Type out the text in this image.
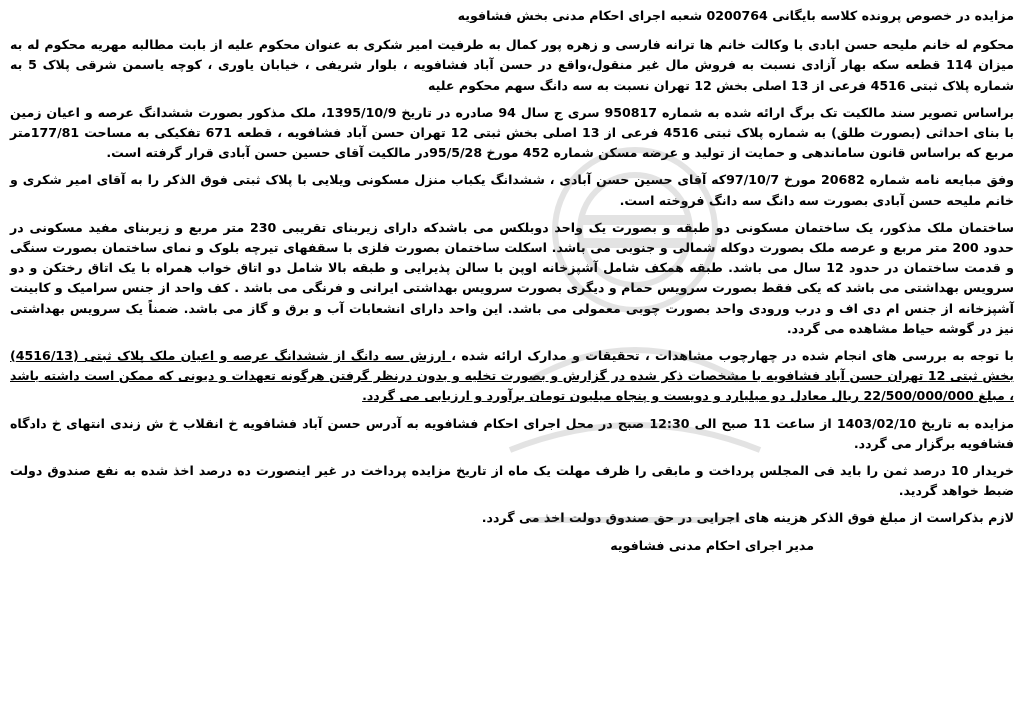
مزایده در خصوص پرونده کلاسه بایگانی 0200764 شعبه اجرای احکام مدنی بخش فشافویه

محکوم له خانم ملیحه حسن ابادی با وکالت خانم ها ترانه فارسی و زهره پور کمال به طرفیت امیر شکری به عنوان محکوم علیه از بابت مطالبه مهریه محکوم له به میزان 114 قطعه سکه بهار آزادی نسبت به فروش مال غیر منقول،واقع در حسن آباد فشافویه ، بلوار شریفی ، خیابان یاوری ، کوچه یاسمن شرقی پلاک 5 به شماره پلاک ثبتی 4516 فرعی از 13 اصلی بخش 12 تهران نسبت به سه دانگ سهم محکوم علیه

براساس تصویر سند مالکیت تک برگ ارائه شده به شماره 950817 سری ج سال 94 صادره در تاریخ 1395/10/9، ملک مذکور بصورت ششدانگ عرصه و اعیان زمین با بنای احداثی (بصورت طلق) به شماره پلاک ثبتی 4516 فرعی از 13 اصلی بخش ثبتی 12 تهران حسن آباد فشافویه ، قطعه 671 تفکیکی به مساحت 177/81متر مربع که براساس قانون ساماندهی و حمایت از تولید و عرضه مسکن شماره 452 مورخ 95/5/28در مالکیت آقای حسین حسن آبادی قرار گرفته است.

وفق مبایعه نامه شماره 20682 مورخ 97/10/7که آقای حسین حسن آبادی ، ششدانگ یکباب منزل مسکونی ویلایی با پلاک ثبتی فوق الذکر را به آقای امیر شکری و خانم ملیحه حسن آبادی بصورت سه دانگ سه دانگ فروخته است.

ساختمان ملک مذکور، یک ساختمان مسکونی دو طبقه و بصورت یک واحد دوبلکس می باشدکه دارای زیربنای تقریبی 230 متر مربع و زیربنای مفید مسکونی در حدود 200 متر مربع و عرصه ملک بصورت دوکله شمالی و جنوبی می باشد. اسکلت ساختمان بصورت فلزی با سقفهای تیرچه بلوک و نمای ساختمان بصورت سنگی و قدمت ساختمان در حدود 12 سال می باشد. طبقه همکف شامل آشپزخانه اوپن با سالن پذیرایی و طبقه بالا شامل دو اتاق خواب همراه با یک اتاق رختکن و دو سرویس بهداشتی می باشد که یکی فقط بصورت سرویس حمام و دیگری بصورت سرویس بهداشتی ایرانی و فرنگی می باشد . کف واحد از جنس سرامیک و کابینت آشپزخانه از جنس ام دی اف و درب ورودی واحد بصورت چوبی معمولی می باشد. این واحد دارای انشعابات آب و برق و گاز می باشد. ضمناً یک سرویس بهداشتی نیز در گوشه حیاط مشاهده می گردد.

با توجه به بررسی های انجام شده در چهارچوب مشاهدات ، تحقیقات و مدارک ارائه شده ، ارزش سه دانگ از ششدانگ عرصه و اعیان ملک پلاک ثبتی (4516/13) بخش ثبتی 12 تهران حسن آباد فشافویه با مشخصات ذکر شده در گزارش و بصورت تخلیه و بدون درنظر گرفتن هرگونه تعهدات و دیونی که ممکن است داشته باشد ، مبلغ 22/500/000/000 ریال معادل دو میلیارد و دویست و پنجاه میلیون تومان برآورد و ارزیابی می گردد.

مزایده به تاریخ 1403/02/10 از ساعت 11 صبح الی 12:30 صبح در محل اجرای احکام فشافویه به آدرس حسن آباد فشافویه خ انقلاب خ ش زندی انتهای خ دادگاه فشافویه برگزار می گردد.

خریدار 10 درصد ثمن را باید فی المجلس پرداخت و مابقی را ظرف مهلت یک ماه از تاریخ مزایده پرداخت در غیر اینصورت ده درصد اخذ شده به نفع صندوق دولت ضبط خواهد گردید.

لازم بذکراست از مبلغ فوق الذکر هزینه های اجرایی در حق صندوق دولت اخذ می گردد.

مدیر اجرای احکام مدنی فشافویه
